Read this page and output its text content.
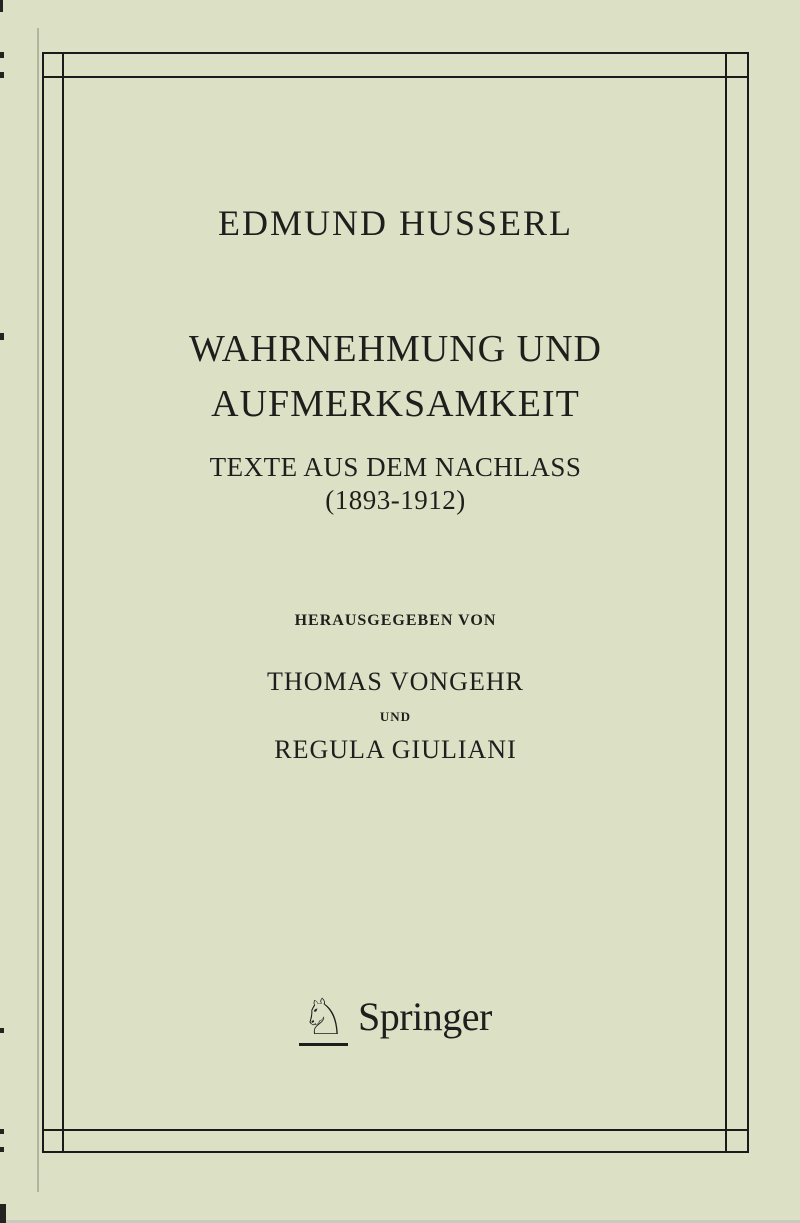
EDMUND HUSSERL
WAHRNEHMUNG UND
AUFMERKSAMKEIT
TEXTE AUS DEM NACHLASS
(1893-1912)
HERAUSGEGEBEN VON
THOMAS VONGEHR
UND
REGULA GIULIANI
♘ Springer
